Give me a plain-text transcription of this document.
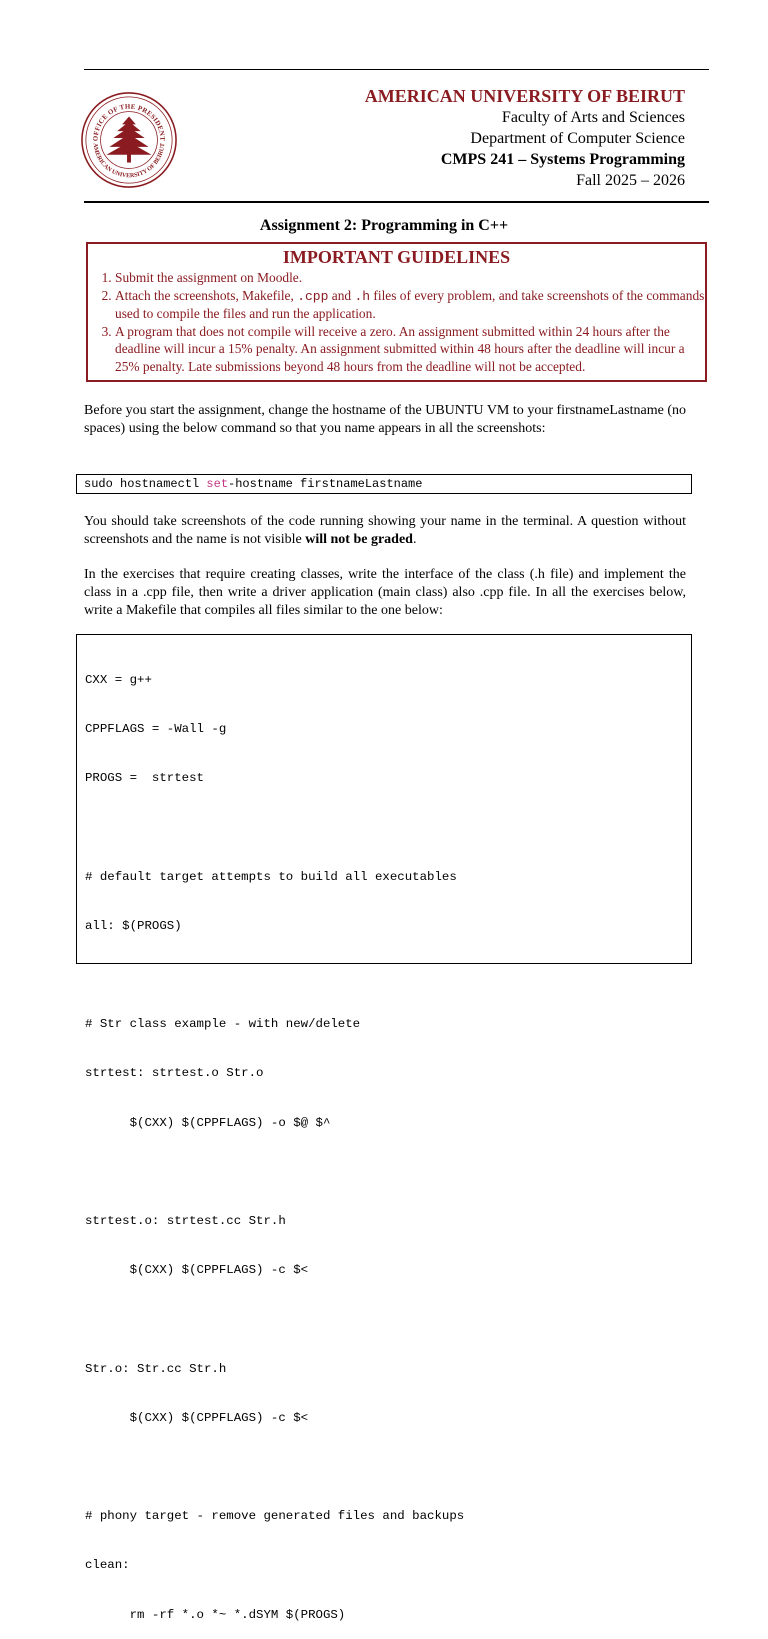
OFFICE OF THE PRESIDENT
AMERICAN UNIVERSITY OF BEIRUT
AMERICAN UNIVERSITY OF BEIRUT
Faculty of Arts and Sciences
Department of Computer Science
CMPS 241 – Systems Programming
Fall 2025 – 2026
Assignment 2: Programming in C++
IMPORTANT GUIDELINES
1. Submit the assignment on Moodle.
2. Attach the screenshots, Makefile, .cpp and .h files of every problem, and take screenshots of the commands used to compile the files and run the application.
3. A program that does not compile will receive a zero. An assignment submitted within 24 hours after the deadline will incur a 15% penalty. An assignment submitted within 48 hours after the deadline will incur a 25% penalty. Late submissions beyond 48 hours from the deadline will not be accepted.
Before you start the assignment, change the hostname of the UBUNTU VM to your firstnameLastname (no spaces) using the below command so that you name appears in all the screenshots:
sudo hostnamectl set-hostname firstnameLastname
You should take screenshots of the code running showing your name in the terminal. A question without screenshots and the name is not visible will not be graded.
In the exercises that require creating classes, write the interface of the class (.h file) and implement the class in a .cpp file, then write a driver application (main class) also .cpp file. In all the exercises below, write a Makefile that compiles all files similar to the one below:

CXX = g++

CPPFLAGS = -Wall -g

PROGS =  strtest

# default target attempts to build all executables

all: $(PROGS)

# Str class example - with new/delete

strtest: strtest.o Str.o

$(CXX) $(CPPFLAGS) -o $@ $^

strtest.o: strtest.cc Str.h

$(CXX) $(CPPFLAGS) -c $<

Str.o: Str.cc Str.h

$(CXX) $(CPPFLAGS) -c $<

# phony target - remove generated files and backups

clean:

rm -rf *.o *~ *.dSYM $(PROGS)
